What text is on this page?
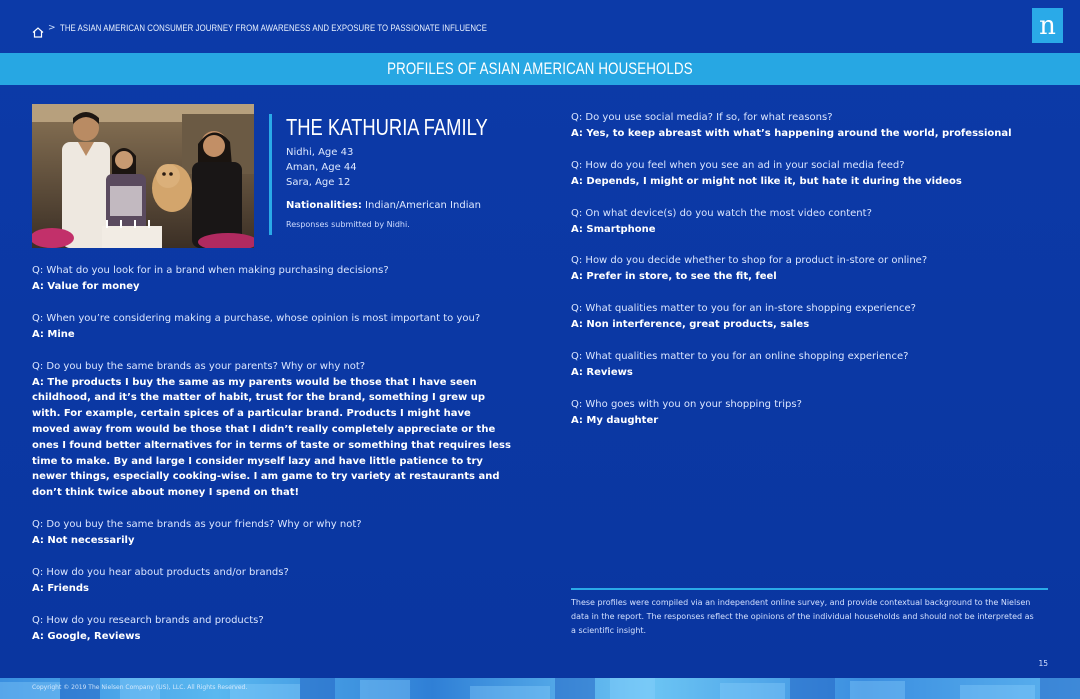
> THE ASIAN AMERICAN CONSUMER JOURNEY FROM AWARENESS AND EXPOSURE TO PASSIONATE INFLUENCE	n
PROFILES OF ASIAN AMERICAN HOUSEHOLDS
THE KATHURIA FAMILY
Nidhi, Age 43
Aman, Age 44
Sara, Age 12
Nationalities: Indian/American Indian
Responses submitted by Nidhi.
Q: What do you look for in a brand when making purchasing decisions?
A: Value for money
Q: When you’re considering making a purchase, whose opinion is most important to you?
A: Mine
Q: Do you buy the same brands as your parents? Why or why not?
A: The products I buy the same as my parents would be those that I have seen childhood, and it’s the matter of habit, trust for the brand, something I grew up with. For example, certain spices of a particular brand. Products I might have moved away from would be those that I didn’t really completely appreciate or the ones I found better alternatives for in terms of taste or something that requires less time to make. By and large I consider myself lazy and have little patience to try newer things, especially cooking-wise. I am game to try variety at restaurants and don’t think twice about money I spend on that!
Q: Do you buy the same brands as your friends? Why or why not?
A: Not necessarily
Q: How do you hear about products and/or brands?
A: Friends
Q: How do you research brands and products?
A: Google, Reviews
Q: Do you use social media? If so, for what reasons?
A: Yes, to keep abreast with what’s happening around the world, professional
Q: How do you feel when you see an ad in your social media feed?
A: Depends, I might or might not like it, but hate it during the videos
Q: On what device(s) do you watch the most video content?
A: Smartphone
Q: How do you decide whether to shop for a product in-store or online?
A: Prefer in store, to see the fit, feel
Q: What qualities matter to you for an in-store shopping experience?
A: Non interference, great products, sales
Q: What qualities matter to you for an online shopping experience?
A: Reviews
Q: Who goes with you on your shopping trips?
A: My daughter
These profiles were compiled via an independent online survey, and provide contextual background to the Nielsen data in the report. The responses reflect the opinions of the individual households and should not be interpreted as a scientific insight.
15
Copyright © 2019 The Nielsen Company (US), LLC. All Rights Reserved.
